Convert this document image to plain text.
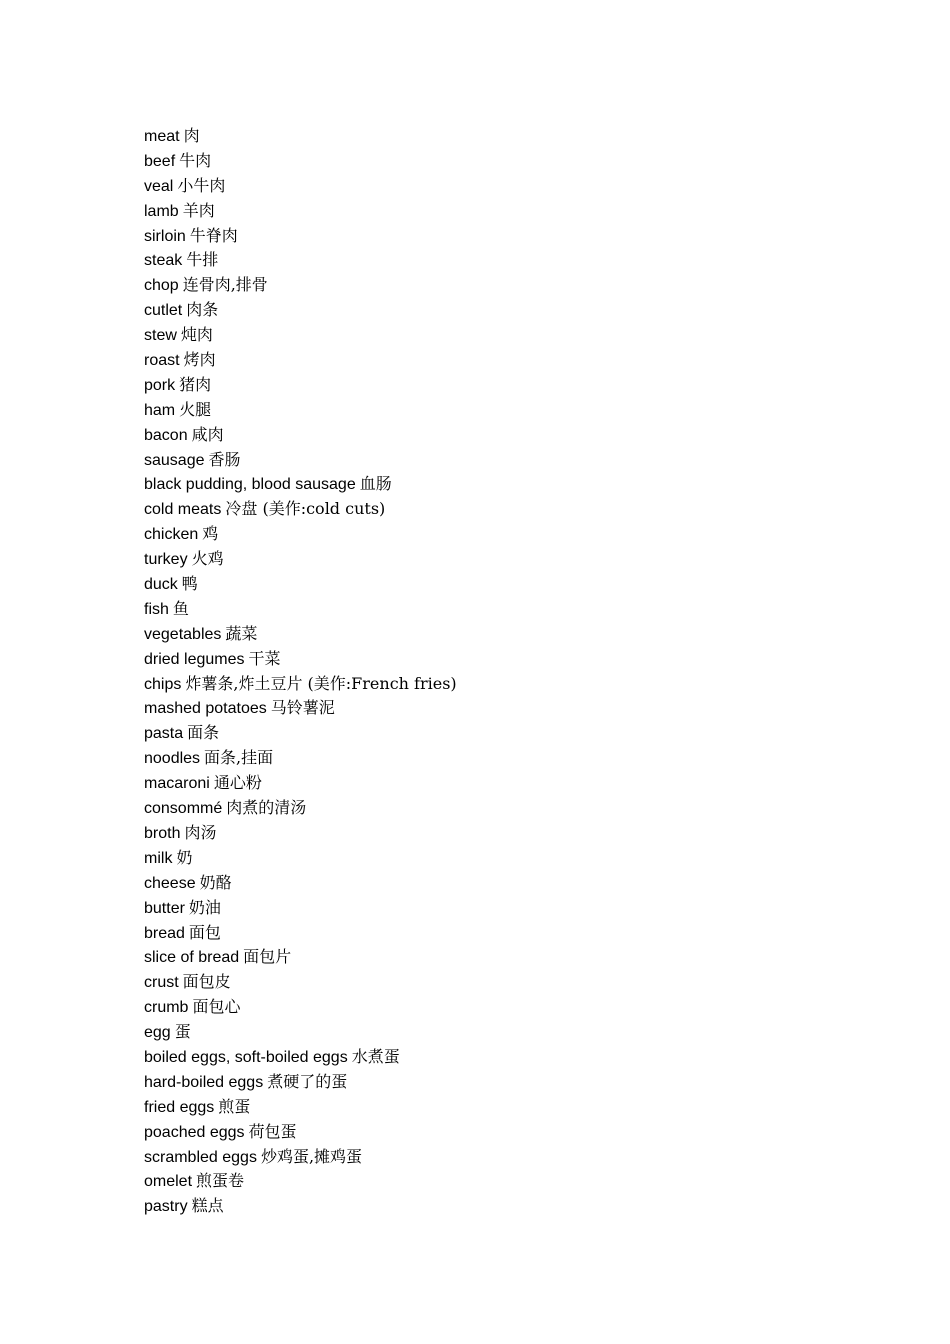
meat 肉
beef 牛肉
veal 小牛肉
lamb 羊肉
sirloin 牛脊肉
steak 牛排
chop 连骨肉,排骨
cutlet 肉条
stew 炖肉
roast 烤肉
pork 猪肉
ham 火腿
bacon 咸肉
sausage 香肠
black pudding, blood sausage 血肠
cold meats 冷盘 (美作:cold cuts)
chicken 鸡
turkey 火鸡
duck 鸭
fish 鱼
vegetables 蔬菜
dried legumes 干菜
chips 炸薯条,炸土豆片 (美作:French fries)
mashed potatoes 马铃薯泥
pasta 面条
noodles 面条,挂面
macaroni 通心粉
consommé 肉煮的清汤
broth 肉汤
milk 奶
cheese 奶酪
butter 奶油
bread 面包
slice of bread 面包片
crust 面包皮
crumb 面包心
egg 蛋
boiled eggs, soft-boiled eggs 水煮蛋
hard-boiled eggs 煮硬了的蛋
fried eggs 煎蛋
poached eggs 荷包蛋
scrambled eggs 炒鸡蛋,摊鸡蛋
omelet 煎蛋卷
pastry 糕点
